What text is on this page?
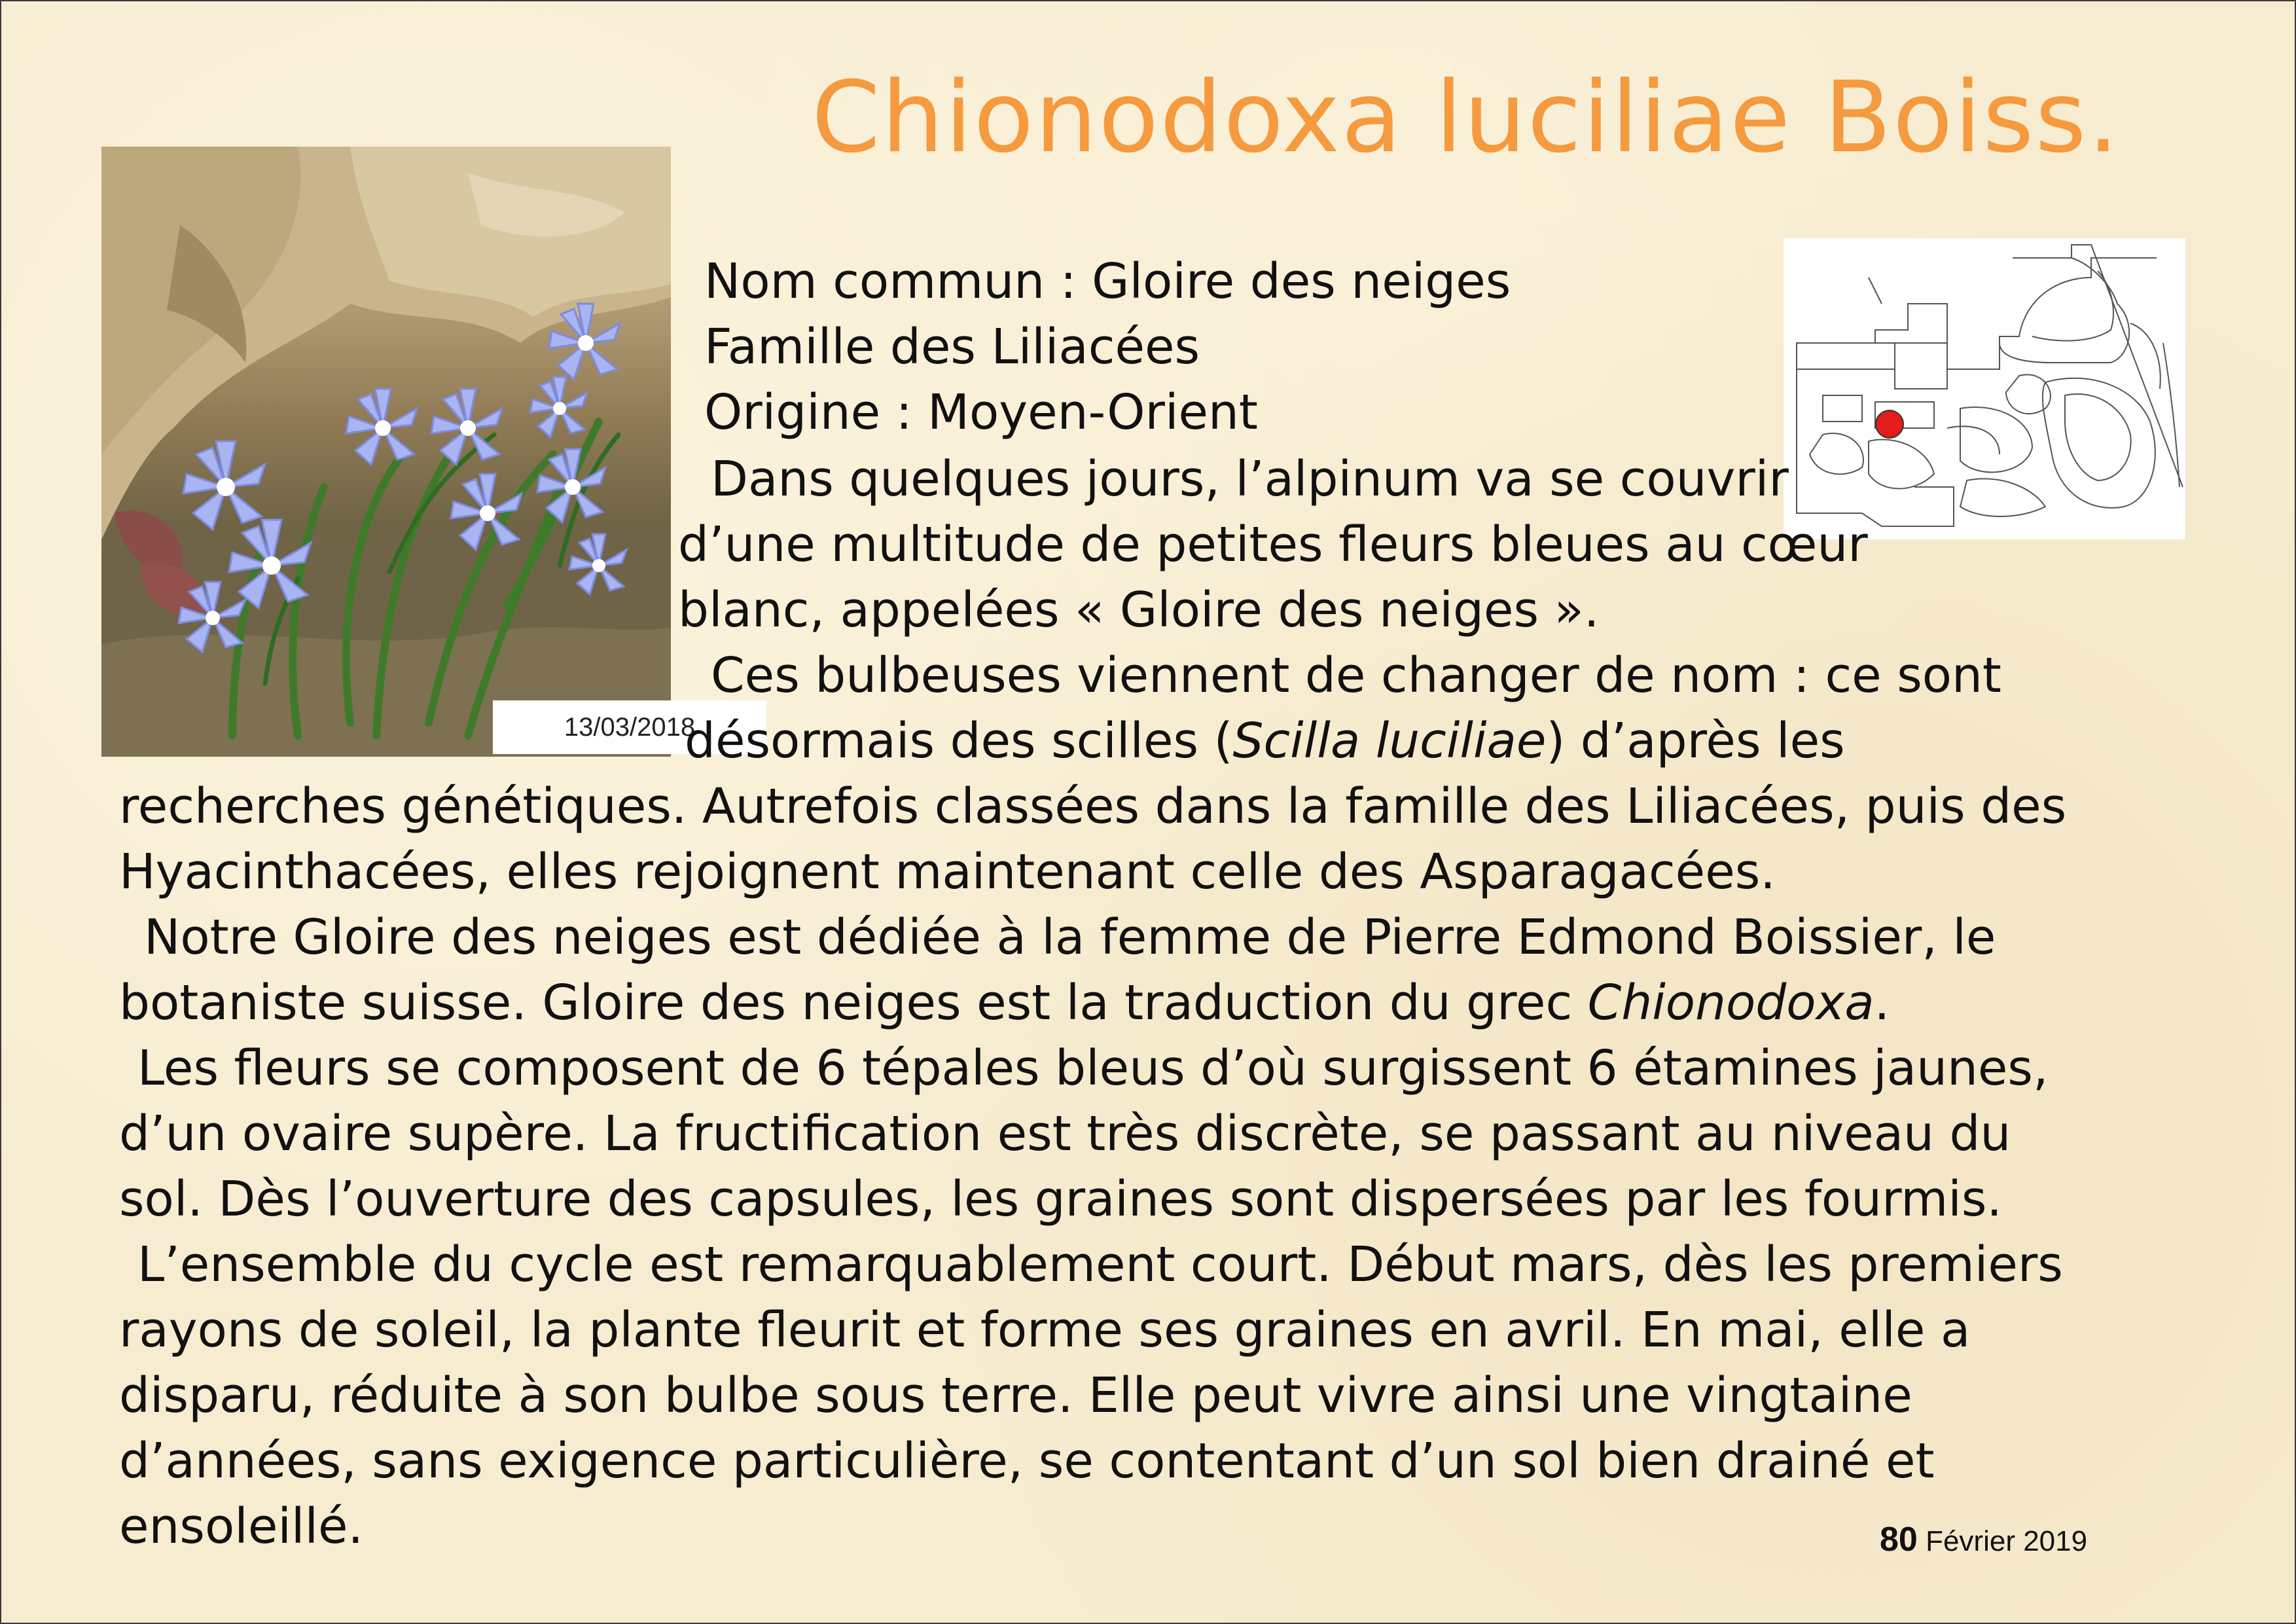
Chionodoxa luciliae Boiss.
13/03/2018
Nom commun : Gloire des neiges
Famille des Liliacées
Origine : Moyen-Orient
Dans quelques jours, l’alpinum va se couvrir
d’une multitude de petites fleurs bleues au cœur
blanc, appelées « Gloire des neiges ».
Ces bulbeuses viennent de changer de nom : ce sont
désormais des scilles (Scilla luciliae) d’après les
recherches génétiques. Autrefois classées dans la famille des Liliacées, puis des
Hyacinthacées, elles rejoignent maintenant celle des Asparagacées.
Notre Gloire des neiges est dédiée à la femme de Pierre Edmond Boissier, le
botaniste suisse. Gloire des neiges est la traduction du grec Chionodoxa.
Les fleurs se composent de 6 tépales bleus d’où surgissent 6 étamines jaunes,
d’un ovaire supère. La fructification est très discrète, se passant au niveau du
sol. Dès l’ouverture des capsules, les graines sont dispersées par les fourmis.
L’ensemble du cycle est remarquablement court. Début mars, dès les premiers
rayons de soleil, la plante fleurit et forme ses graines en avril. En mai, elle a
disparu, réduite à son bulbe sous terre. Elle peut vivre ainsi une vingtaine
d’années, sans exigence particulière, se contentant d’un sol bien drainé et
ensoleillé.	80 Février 2019
